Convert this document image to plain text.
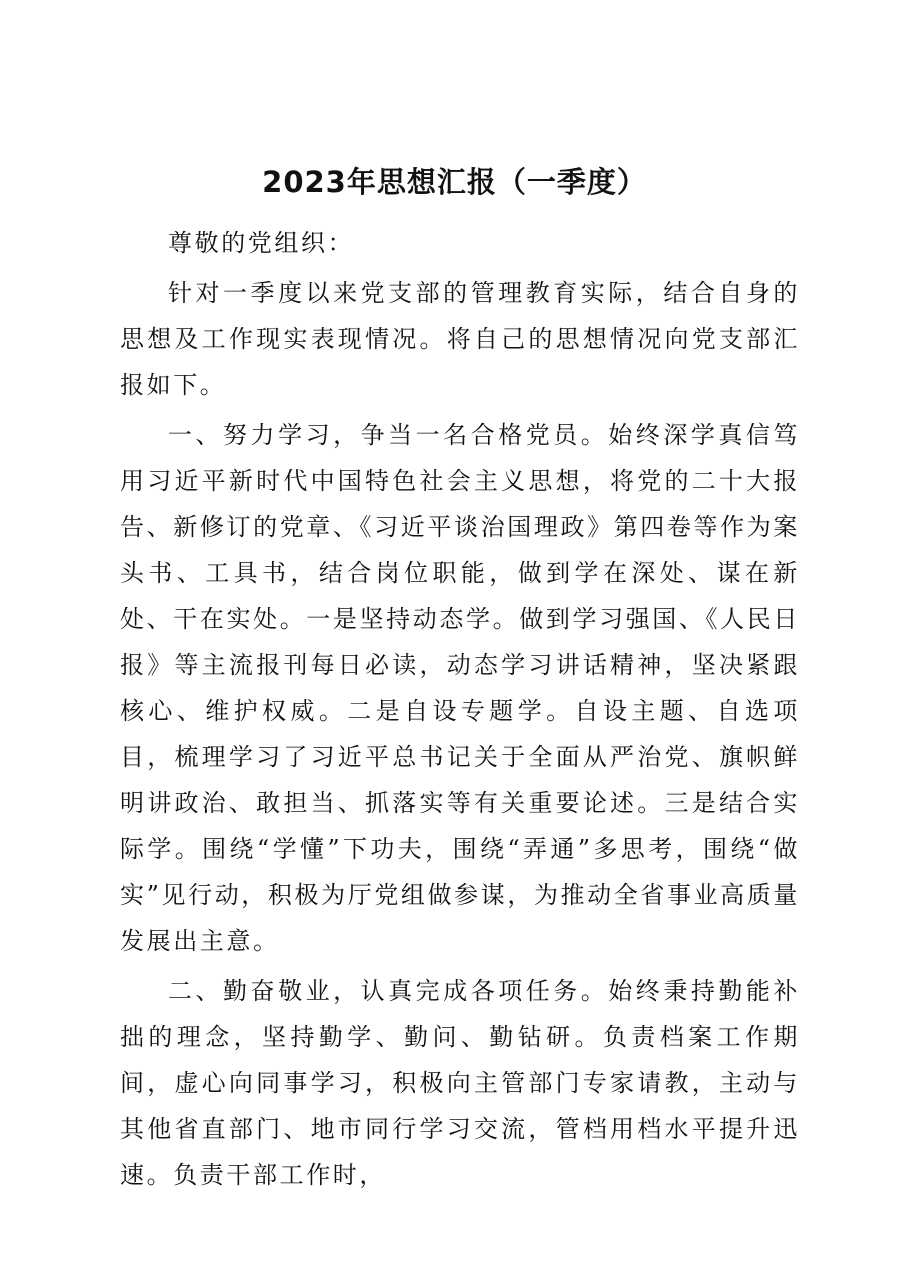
2023年思想汇报（一季度）

尊敬的党组织：

针对一季度以来党支部的管理教育实际，结合自身的思想及工作现实表现情况。将自己的思想情况向党支部汇报如下。

一、努力学习，争当一名合格党员。始终深学真信笃用习近平新时代中国特色社会主义思想，将党的二十大报告、新修订的党章、《习近平谈治国理政》第四卷等作为案头书、工具书，结合岗位职能，做到学在深处、谋在新处、干在实处。一是坚持动态学。做到学习强国、《人民日报》等主流报刊每日必读，动态学习讲话精神，坚决紧跟核心、维护权威。二是自设专题学。自设主题、自选项目，梳理学习了习近平总书记关于全面从严治党、旗帜鲜明讲政治、敢担当、抓落实等有关重要论述。三是结合实际学。围绕“学懂”下功夫，围绕“弄通”多思考，围绕“做实”见行动，积极为厅党组做参谋，为推动全省事业高质量发展出主意。

二、勤奋敬业，认真完成各项任务。始终秉持勤能补拙的理念，坚持勤学、勤问、勤钻研。负责档案工作期间，虚心向同事学习，积极向主管部门专家请教，主动与其他省直部门、地市同行学习交流，管档用档水平提升迅速。负责干部工作时，
